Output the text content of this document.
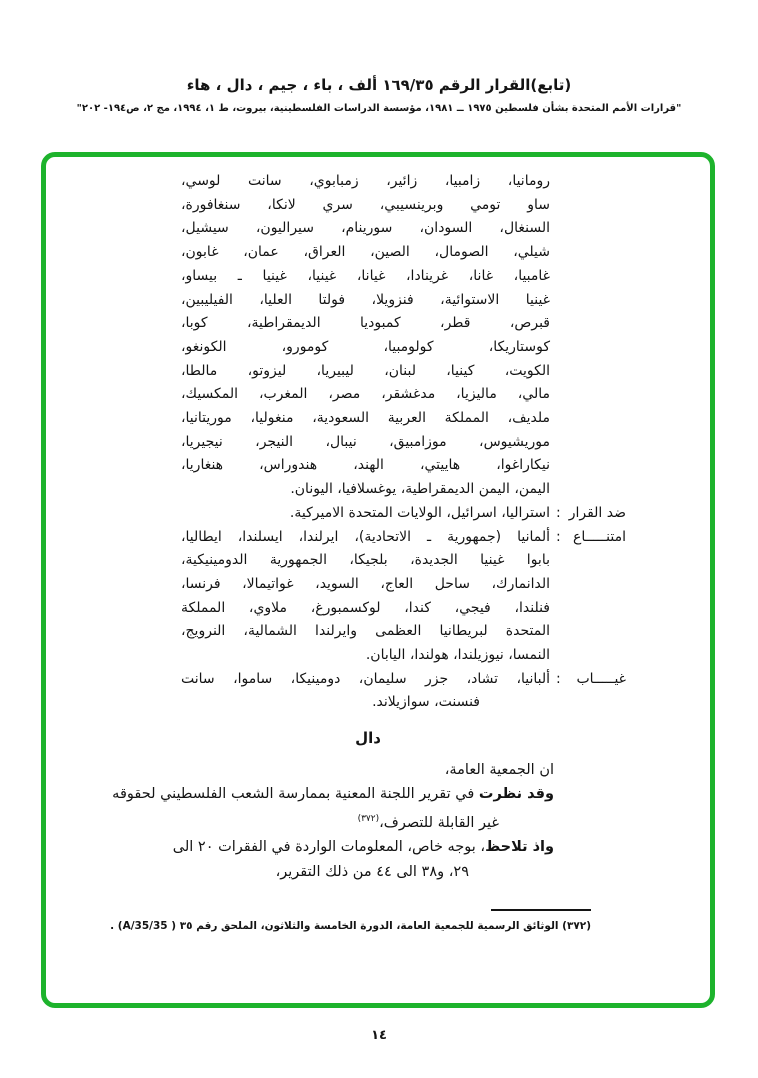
(تابع)القرار الرقم ١٦٩/٣٥ ألف ، باء ، جيم ، دال ، هاء
"قرارات الأمم المتحدة بشأن فلسطين ١٩٧٥ ــ ١٩٨١، مؤسسة الدراسات الفلسطينية، بيروت، ط ١، ١٩٩٤، مج ٢، ص١٩٤- ٢٠٢"
رومانيا، زامبيا، زائير، زمبابوي، سانت لوسي،
ساو تومي وبرينسيبي، سري لانكا، سنغافورة،
السنغال، السودان، سورينام، سيراليون، سيشيل،
شيلي، الصومال، الصين، العراق، عمان، غابون،
غامبيا، غانا، غرينادا، غيانا، غينيا، غينيا ـ بيساو،
غينيا الاستوائية، فنزويلا، فولتا العليا، الفيليبين،
قبرص، قطر، كمبوديا الديمقراطية، كوبا،
كوستاريكا، كولومبيا، كومورو، الكونغو،
الكويت، كينيا، لبنان، ليبيريا، ليزوتو، مالطا،
مالي، ماليزيا، مدغشقر، مصر، المغرب، المكسيك،
ملديف، المملكة العربية السعودية، منغوليا، موريتانيا،
موريشيوس، موزامبيق، نيبال، النيجر، نيجيريا،
نيكاراغوا، هاييتي، الهند، هندوراس، هنغاريا،
اليمن، اليمن الديمقراطية، يوغسلافيا، اليونان.
ضد القرار
:
استراليا، اسرائيل، الولايات المتحدة الاميركية.
امتنـــــاع
:
ألمانيا (جمهورية ـ الاتحادية)، ايرلندا، ايسلندا، ايطاليا،
بابوا غينيا الجديدة، بلجيكا، الجمهورية الدومينيكية،
الدانمارك، ساحل العاج، السويد، غواتيمالا، فرنسا،
فنلندا، فيجي، كندا، لوكسمبورغ، ملاوي، المملكة
المتحدة لبريطانيا العظمى وايرلندا الشمالية، النرويج،
النمسا، نيوزيلندا، هولندا، اليابان.
غيـــــاب
:
ألبانيا، تشاد، جزر سليمان، دومينيكا، ساموا، سانت
فنسنت، سوازيلاند.
دال
ان الجمعية العامة،
وقد نظرت في تقرير اللجنة المعنية بممارسة الشعب الفلسطيني لحقوقه
غير القابلة للتصرف،$^{(٣٧٢)}$
واذ تلاحظ، بوجه خاص، المعلومات الواردة في الفقرات ٢٠ الى
٢٩، و٣٨ الى ٤٤ من ذلك التقرير،
(٣٧٢) الوثائق الرسمية للجمعية العامة، الدورة الخامسة والثلاثون، الملحق رقم ٣٥ ( A/35/35) .
١٤
